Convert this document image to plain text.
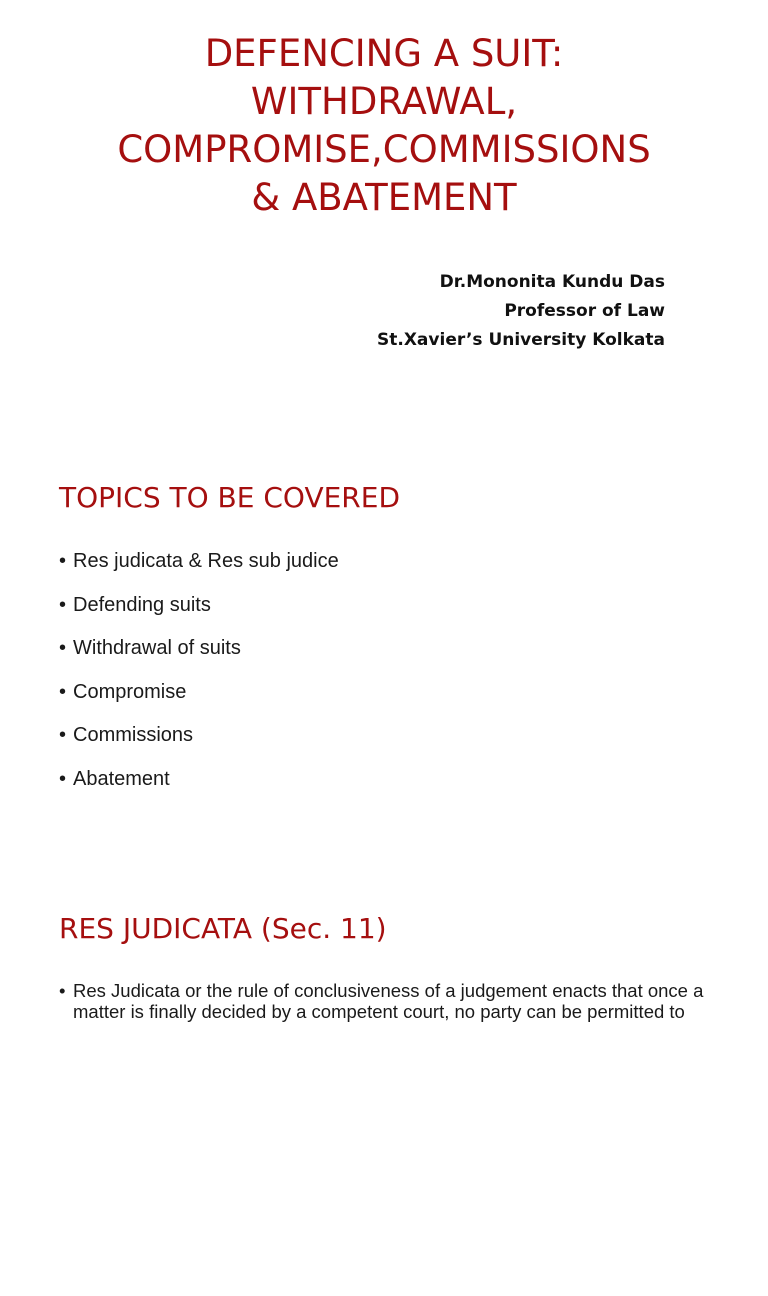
DEFENCING A SUIT:
WITHDRAWAL,
COMPROMISE,COMMISSIONS
& ABATEMENT
Dr.Mononita Kundu Das
Professor of Law
St.Xavier’s University Kolkata
TOPICS TO BE COVERED
• Res judicata & Res sub judice
• Defending suits
• Withdrawal of suits
• Compromise
• Commissions
• Abatement
RES JUDICATA (Sec. 11)
• Res Judicata or the rule of conclusiveness of a judgement enacts that once a matter is finally decided by a competent court, no party can be permitted to
